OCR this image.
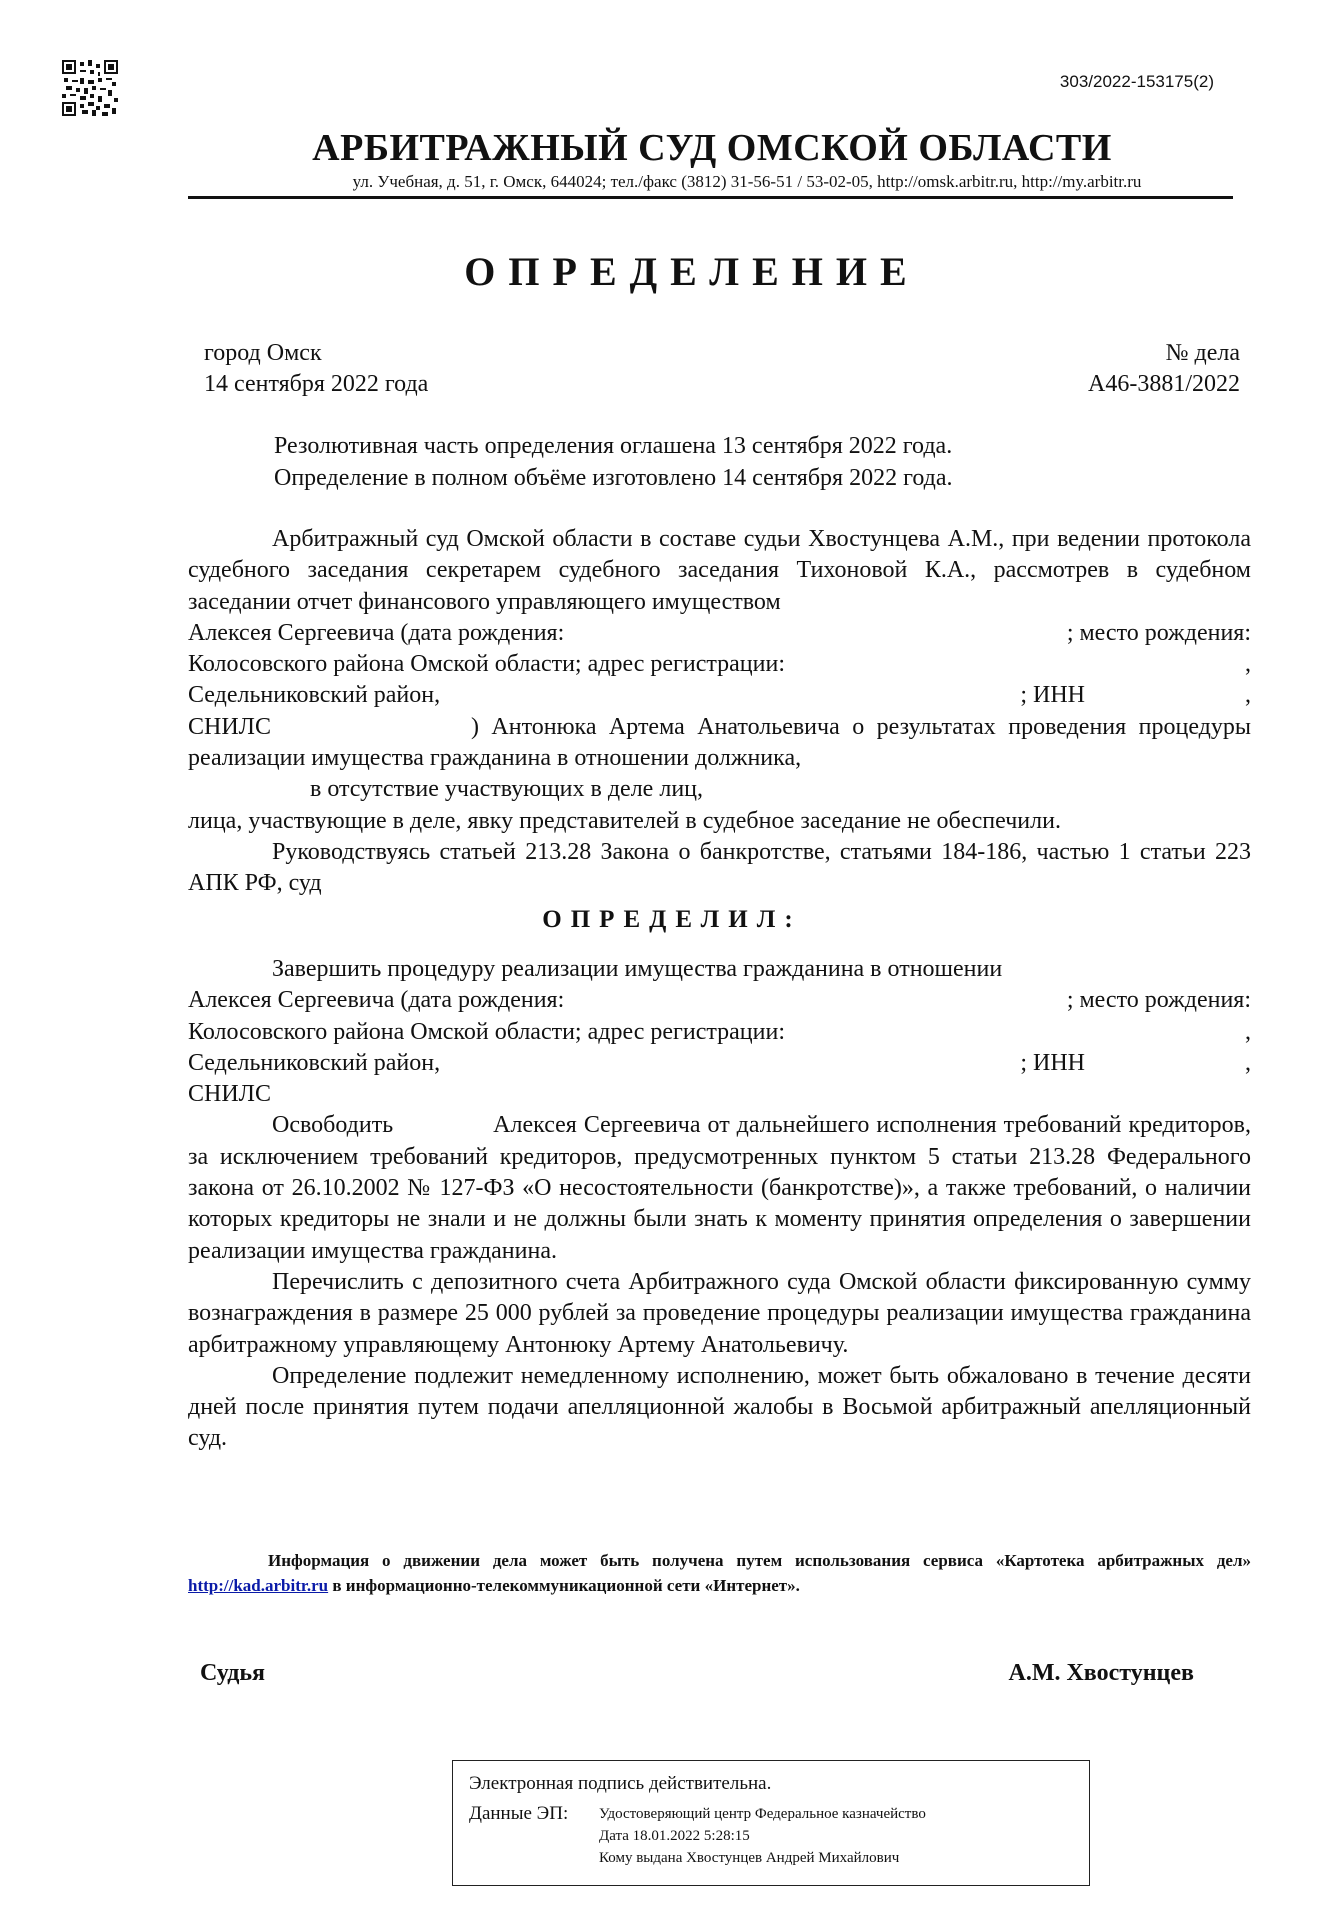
303/2022-153175(2)
АРБИТРАЖНЫЙ СУД ОМСКОЙ ОБЛАСТИ
ул. Учебная, д. 51, г. Омск, 644024; тел./факс (3812) 31-56-51 / 53-02-05, http://omsk.arbitr.ru, http://my.arbitr.ru
ОПРЕДЕЛЕНИЕ
город Омск
14 сентября 2022 года
№ дела
А46-3881/2022
Резолютивная часть определения оглашена 13 сентября 2022 года.
Определение в полном объёме изготовлено 14 сентября 2022 года.

Арбитражный суд Омской области в составе судьи Хвостунцева А.М., при ведении протокола судебного заседания секретарем судебного заседания Тихоновой К.А., рассмотрев в судебном заседании отчет финансового управляющего имуществом

Алексея Сергеевича (дата рождения:	; место рождения:
Колосовского района Омской области; адрес регистрации:	,
Седельниковский район,	; ИНН	,

СНИЛС	) Антонюка Артема Анатольевича о результатах проведения процедуры реализации имущества гражданина в отношении должника,

в отсутствие участвующих в деле лиц,

лица, участвующие в деле, явку представителей в судебное заседание не обеспечили.

Руководствуясь статьей 213.28 Закона о банкротстве, статьями 184-186, частью 1 статьи 223 АПК РФ, суд

ОПРЕДЕЛИЛ:

Завершить процедуру реализации имущества гражданина в отношении

Алексея Сергеевича (дата рождения:	; место рождения:
Колосовского района Омской области; адрес регистрации:	,
Седельниковский район,	; ИНН	,

СНИЛС

Освободить	Алексея Сергеевича от дальнейшего исполнения требований кредиторов, за исключением требований кредиторов, предусмотренных пунктом 5 статьи 213.28 Федерального закона от 26.10.2002 № 127-ФЗ «О несостоятельности (банкротстве)», а также требований, о наличии которых кредиторы не знали и не должны были знать к моменту принятия определения о завершении реализации имущества гражданина.

Перечислить с депозитного счета Арбитражного суда Омской области фиксированную сумму вознаграждения в размере 25 000 рублей за проведение процедуры реализации имущества гражданина арбитражному управляющему Антонюку Артему Анатольевичу.

Определение подлежит немедленному исполнению, может быть обжаловано в течение десяти дней после принятия путем подачи апелляционной жалобы в Восьмой арбитражный апелляционный суд.

Информация о движении дела может быть получена путем использования сервиса «Картотека арбитражных дел» http://kad.arbitr.ru в информационно-телекоммуникационной сети «Интернет».
Судья	А.М. Хвостунцев
Электронная подпись действительна.
Данные ЭП:	Удостоверяющий центр Федеральное казначейство
Дата 18.01.2022 5:28:15
Кому выдана Хвостунцев Андрей Михайлович
